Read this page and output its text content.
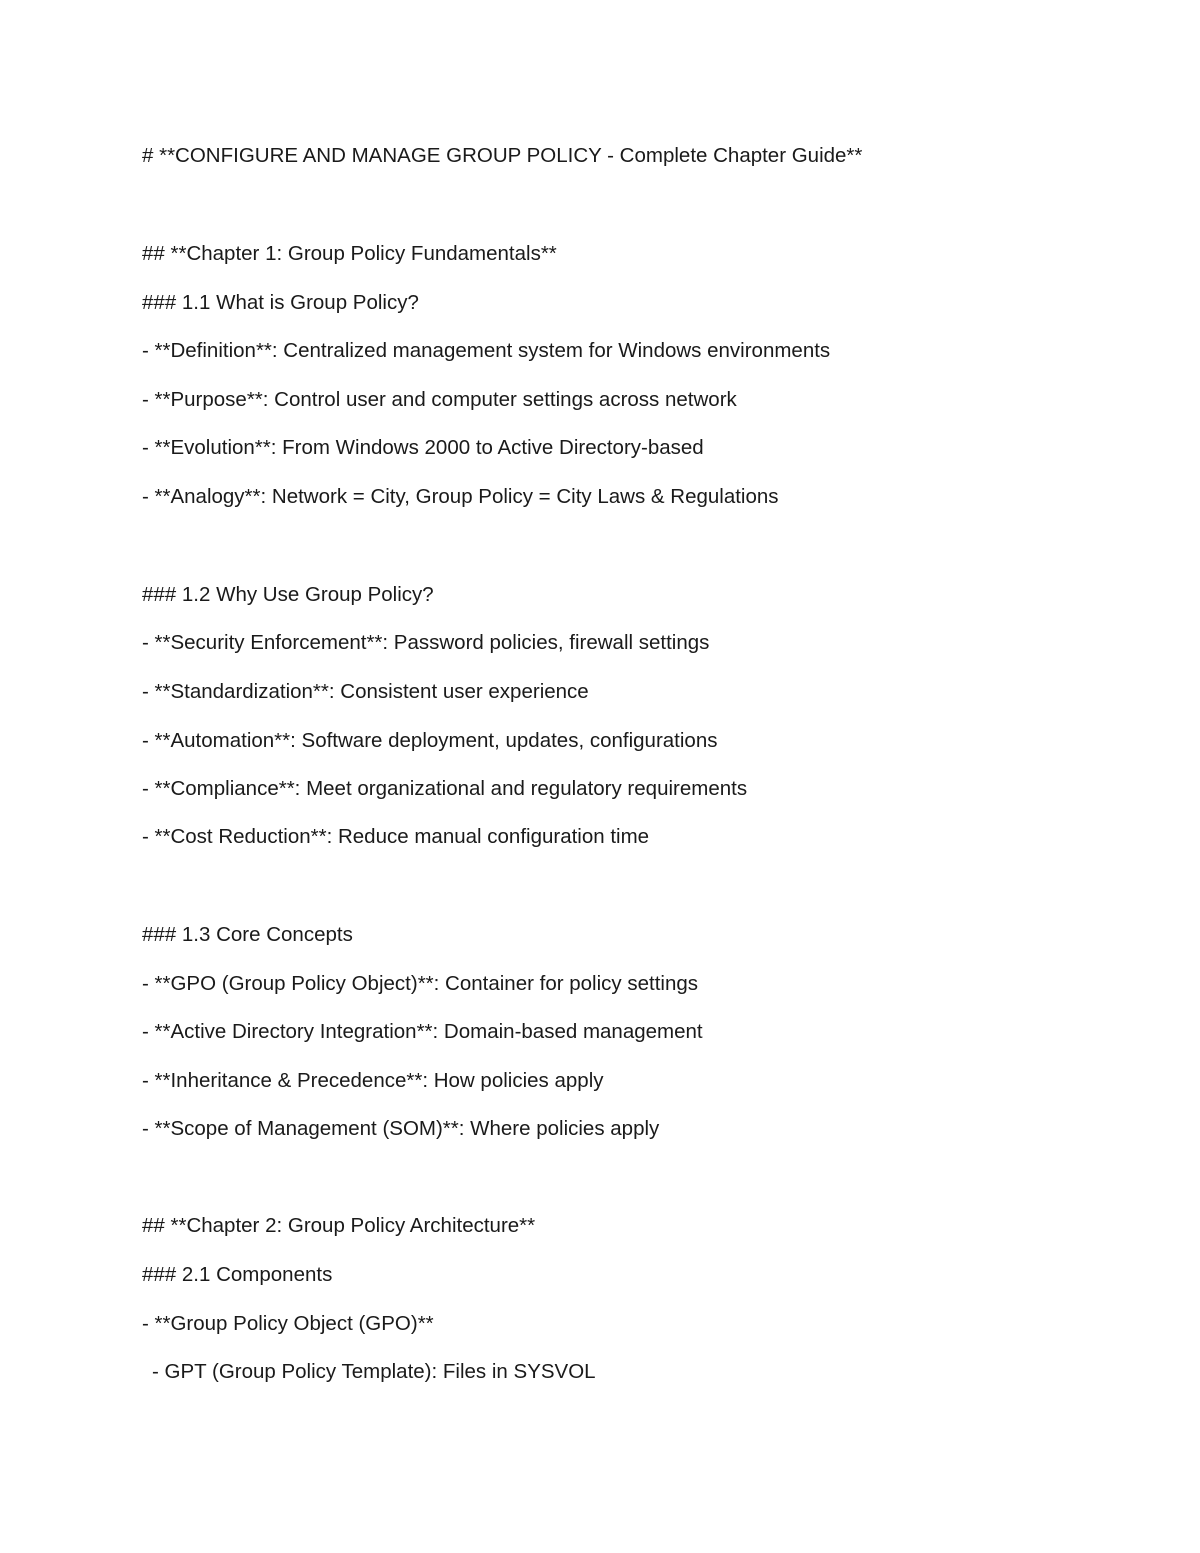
# **CONFIGURE AND MANAGE GROUP POLICY - Complete Chapter Guide**
## **Chapter 1: Group Policy Fundamentals**
### 1.1 What is Group Policy?
- **Definition**: Centralized management system for Windows environments
- **Purpose**: Control user and computer settings across network
- **Evolution**: From Windows 2000 to Active Directory-based
- **Analogy**: Network = City, Group Policy = City Laws & Regulations
### 1.2 Why Use Group Policy?
- **Security Enforcement**: Password policies, firewall settings
- **Standardization**: Consistent user experience
- **Automation**: Software deployment, updates, configurations
- **Compliance**: Meet organizational and regulatory requirements
- **Cost Reduction**: Reduce manual configuration time
### 1.3 Core Concepts
- **GPO (Group Policy Object)**: Container for policy settings
- **Active Directory Integration**: Domain-based management
- **Inheritance & Precedence**: How policies apply
- **Scope of Management (SOM)**: Where policies apply
## **Chapter 2: Group Policy Architecture**
### 2.1 Components
- **Group Policy Object (GPO)**
- GPT (Group Policy Template): Files in SYSVOL
